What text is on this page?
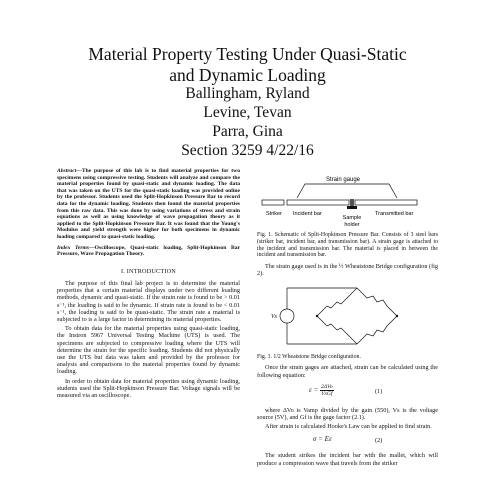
Material Property Testing Under Quasi-Static
and Dynamic Loading
Ballingham, Ryland
Levine, Tevan
Parra, Gina
Section 3259 4/22/16

Abstract—The purpose of this lab is to find material properties for two specimens using compressive testing. Students will analyze and compare the material properties found by quasi-static and dynamic loading. The data that was taken on the UTS for the quasi-static loading was provided online by the professor. Students used the Split-Hopkinson Pressure Bar to record data for the dynamic loading. Students then found the material properties from this raw data. This was done by using variations of stress and strain equations as well as using knowledge of wave propagation theory as it applied to the Split-Hopkinson Pressure Bar. It was found that the Young's Modulus and yield strength were higher for both specimens in dynamic loading compared to quasi-static loading.

Index Terms—Oscilloscope, Quasi-static loading, Split-Hopkinson Bar Pressure, Wave Propagation Theory.

I. INTRODUCTION

The purpose of this final lab project is to determine the material properties that a certain material displays under two different loading methods, dynamic and quasi-static. If the strain rate is found to be > 0.01 s⁻¹, the loading is said to be dynamic. If strain rate is found to be < 0.01 s⁻¹, the loading is said to be quasi-static. The strain rate a material is subjected to is a large factor in determining its material properties.

To obtain data for the material properties using quasi-static loading, the Instron 5967 Universal Testing Machine (UTS) is used. The specimens are subjected to compressive loading where the UTS will determine the strain for the specific loading. Students did not physically use the UTS but data was taken and provided by the professor for analysis and comparisons to the material properties found by dynamic loading.

In order to obtain data for material properties using dynamic loading, students used the Split-Hopkinson Pressure Bar. Voltage signals will be measured via an oscilloscope.

Strain gauge
Striker Incident bar	Transmitted bar
Sample
holder

Fig. 1. Schematic of Split-Hopkinson Pressure Bar. Consists of 3 steel bars (striker bar, incident bar, and transmission bar). A strain gage is attached to the incident and transmission bar. The material is placed in between the incident and transmission bar.

The strain gage used is in the ½ Wheatstone Bridge configuration (fig 2).

Vs

Fig. 1. 1/2 Wheatstone Bridge configuration.

Once the strain gages are attached, strain can be calculated using the following equation:

$\varepsilon = \frac{\text{2ΔVo}}{\text{VsGf}}$	(1)

where ΔVo is Vamp divided by the gain (550), Vs is the voltage source (5V), and Gf is the gage factor (2.1).

After strain is calculated Hooke's Law can be applied to find strain.

σ = Eε	(2)

The student strikes the incident bar with the mallet, which will produce a compression wave that travels from the striker
